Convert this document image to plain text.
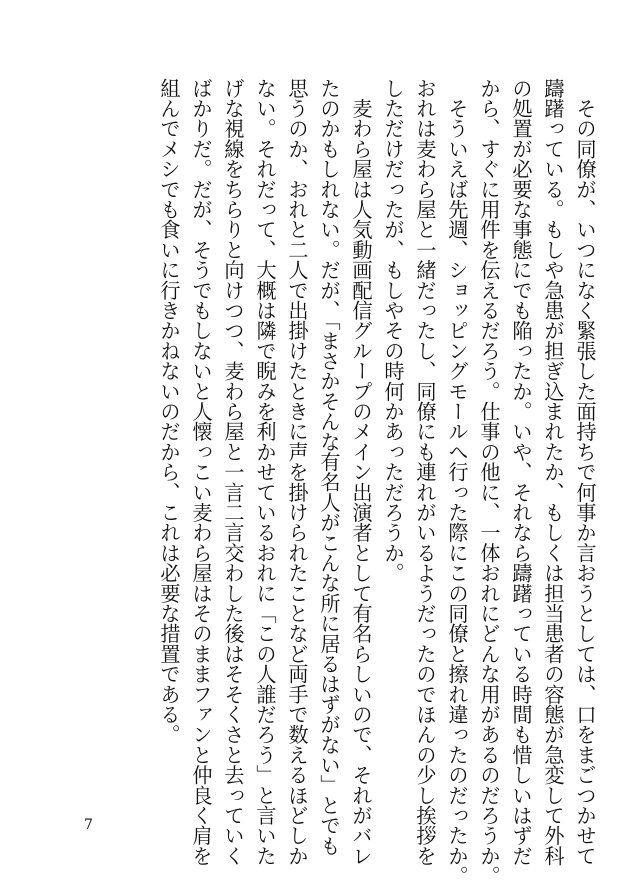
　その同僚が、いつになく緊張した面持ちで何事か言おうとしては、口をまごつかせて

躊躇っている。もしや急患が担ぎ込まれたか、もしくは担当患者の容態が急変して外科

の処置が必要な事態にでも陥ったか。いや、それなら躊躇っている時間も惜しいはずだ

から、すぐに用件を伝えるだろう。仕事の他に、一体おれにどんな用があるのだろうか。

　そういえば先週、ショッピングモールへ行った際にこの同僚と擦れ違ったのだったか。

おれは麦わら屋と一緒だったし、同僚にも連れがいるようだったのでほんの少し挨拶を

しただけだったが、もしやその時何かあっただろうか。

　麦わら屋は人気動画配信グループのメイン出演者として有名らしいので、それがバレ

たのかもしれない。だが、「まさかそんな有名人がこんな所に居るはずがない」とでも

思うのか、おれと二人で出掛けたときに声を掛けられたことなど両手で数えるほどしか

ない。それだって、大概は隣で睨みを利かせているおれに「この人誰だろう」と言いた

げな視線をちらりと向けつつ、麦わら屋と一言二言交わした後はそそくさと去っていく

ばかりだ。だが、そうでもしないと人懐っこい麦わら屋はそのままファンと仲良く肩を

組んでメシでも食いに行きかねないのだから、これは必要な措置である。

7
